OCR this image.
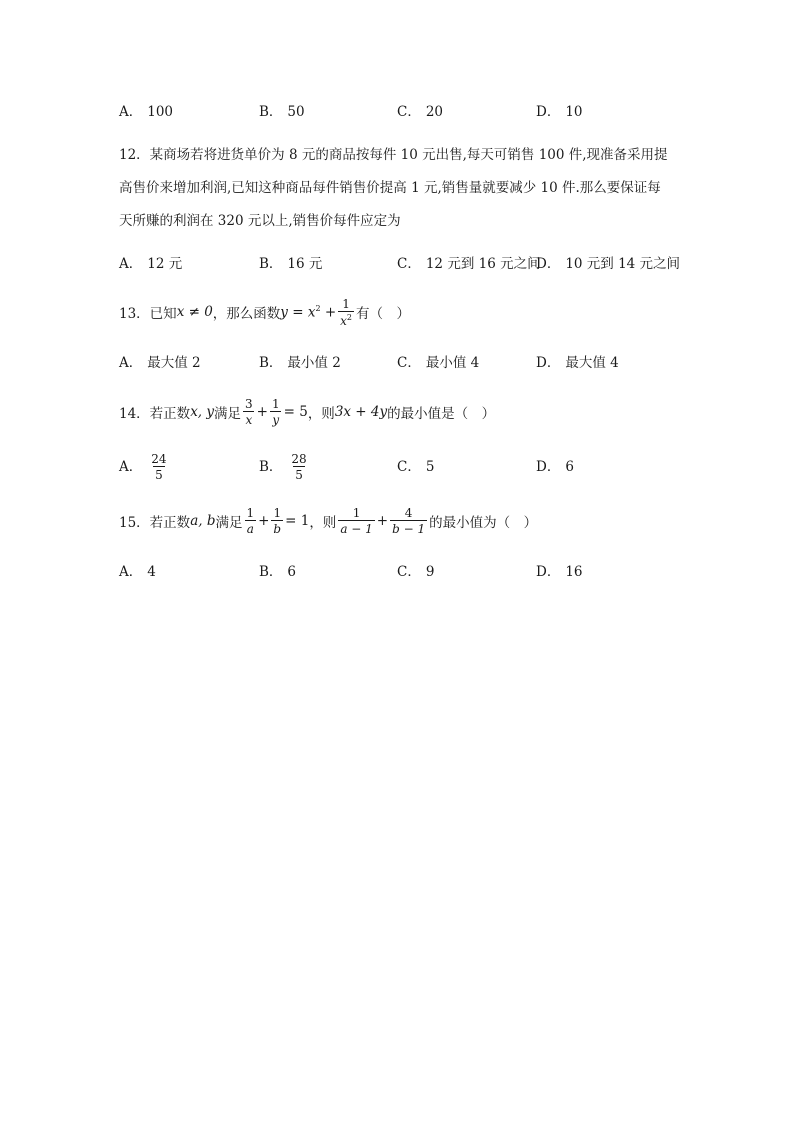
A． 100	B． 50	C． 20	D． 10
12．某商场若将进货单价为 8 元的商品按每件 10 元出售,每天可销售 100 件,现准备采用提
高售价来增加利润,已知这种商品每件销售价提高 1 元,销售量就要减少 10 件.那么要保证每
天所赚的利润在 320 元以上,销售价每件应定为
A． 12 元	B． 16 元	C． 12 元到 16 元之间
D． 10 元到 14 元之间
13．已知 x ≠ 0 ，那么函数 $y = x^2 + \frac{1}{x^2}$ 有（　）
A． 最大值 2	B． 最小值 2	C． 最小值 4	D． 最大值 4
14．若正数 x, y 满足 $\frac{3}{x} + \frac{1}{y} = 5$ ，则 3x + 4y 的最小值是（　）
A． $\frac{24}{5}$	B． $\frac{28}{5}$	C． 5	D． 6
15．若正数 a, b 满足 $\frac{1}{a} + \frac{1}{b} = 1$ ，则 $\frac{1}{a - 1} + \frac{4}{b - 1}$ 的最小值为（　）
A． 4	B． 6	C． 9	D． 16
